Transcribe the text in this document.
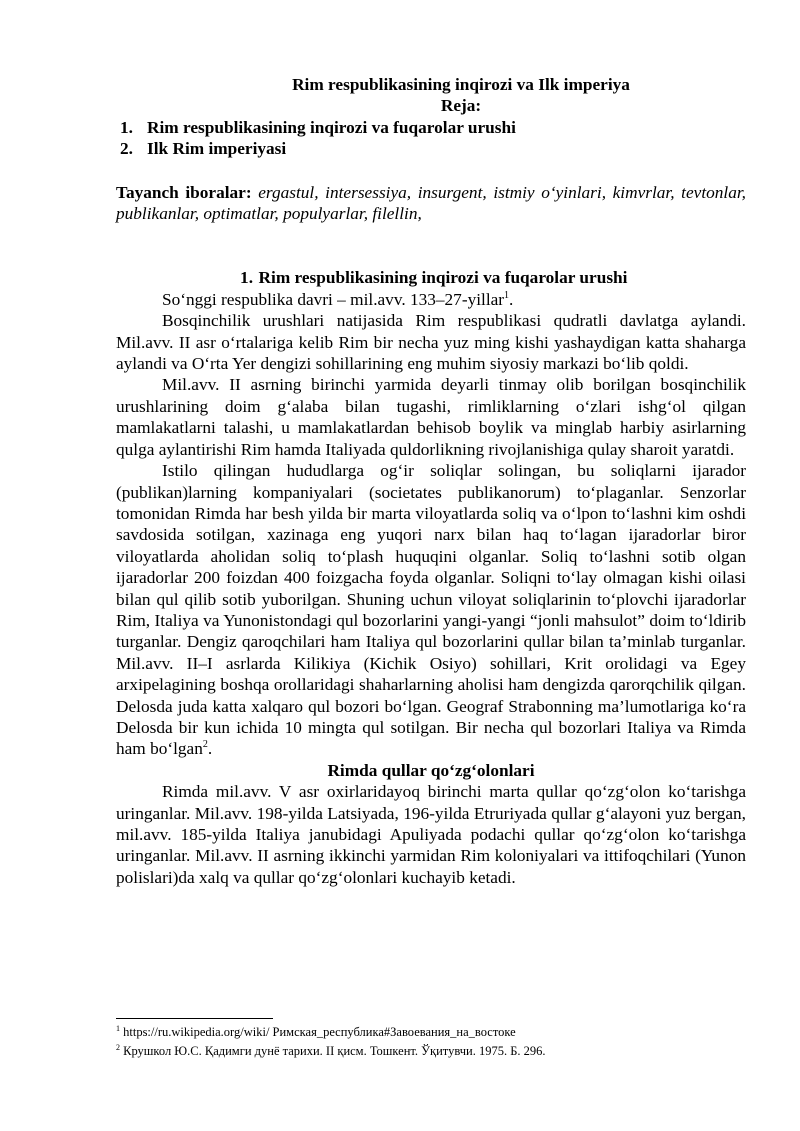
Rim respublikasining inqirozi va Ilk imperiya
Reja:
1. Rim respublikasining inqirozi va fuqarolar urushi
2. Ilk Rim imperiyasi
Tayanch iboralar: ergastul, intersessiya, insurgent, istmiy o‘yinlari, kimvrlar, tevtonlar, publikanlar, optimatlar, populyarlar, filellin,
1. Rim respublikasining inqirozi va fuqarolar urushi

So‘nggi respublika davri – mil.avv. 133–27-yillar$^1$.

Bosqinchilik urushlari natijasida Rim respublikasi qudratli davlatga aylandi. Mil.avv. II asr o‘rtalariga kelib Rim bir necha yuz ming kishi yashaydigan katta shaharga aylandi va O‘rta Yer dengizi sohillarining eng muhim siyosiy markazi bo‘lib qoldi.

Mil.avv. II asrning birinchi yarmida deyarli tinmay olib borilgan bosqinchilik urushlarining doim g‘alaba bilan tugashi, rimliklarning o‘zlari ishg‘ol qilgan mamlakatlarni talashi, u mamlakatlardan behisob boylik va minglab harbiy asirlarning qulga aylantirishi Rim hamda Italiyada quldorlikning rivojlanishiga qulay sharoit yaratdi.

Istilo qilingan hududlarga og‘ir soliqlar solingan, bu soliqlarni ijarador (publikan)larning kompaniyalari (societates publikanorum) to‘plaganlar. Senzorlar tomonidan Rimda har besh yilda bir marta viloyatlarda soliq va o‘lpon to‘lashni kim oshdi savdosida sotilgan, xazinaga eng yuqori narx bilan haq to‘lagan ijaradorlar biror viloyatlarda aholidan soliq to‘plash huquqini olganlar. Soliq to‘lashni sotib olgan ijaradorlar 200 foizdan 400 foizgacha foyda olganlar. Soliqni to‘lay olmagan kishi oilasi bilan qul qilib sotib yuborilgan. Shuning uchun viloyat soliqlarinin to‘plovchi ijaradorlar Rim, Italiya va Yunonistondagi qul bozorlarini yangi-yangi “jonli mahsulot” doim to‘ldirib turganlar. Dengiz qaroqchilari ham Italiya qul bozorlarini qullar bilan ta’minlab turganlar. Mil.avv. II–I asrlarda Kilikiya (Kichik Osiyo) sohillari, Krit orolidagi va Egey arxipelagining boshqa orollaridagi shaharlarning aholisi ham dengizda qarorqchilik qilgan. Delosda juda katta xalqaro qul bozori bo‘lgan. Geograf Strabonning ma’lumotlariga ko‘ra Delosda bir kun ichida 10 mingta qul sotilgan. Bir necha qul bozorlari Italiya va Rimda ham bo‘lgan$^2$.

Rimda qullar qo‘zg‘olonlari

Rimda mil.avv. V asr oxirlaridayoq birinchi marta qullar qo‘zg‘olon ko‘tarishga uringanlar. Mil.avv. 198-yilda Latsiyada, 196-yilda Etruriyada qullar g‘alayoni yuz bergan, mil.avv. 185-yilda Italiya janubidagi Apuliyada podachi qullar qo‘zg‘olon ko‘tarishga uringanlar. Mil.avv. II asrning ikkinchi yarmidan Rim koloniyalari va ittifoqchilari (Yunon polislari)da xalq va qullar qo‘zg‘olonlari kuchayib ketadi.

$^1$ https://ru.wikipedia.org/wiki/ Римская_республика#Завоевания_на_востоке
$^2$ Крушкол Ю.С. Қадимги дунё тарихи. II қисм. Тошкент. Ўқитувчи. 1975. Б. 296.
